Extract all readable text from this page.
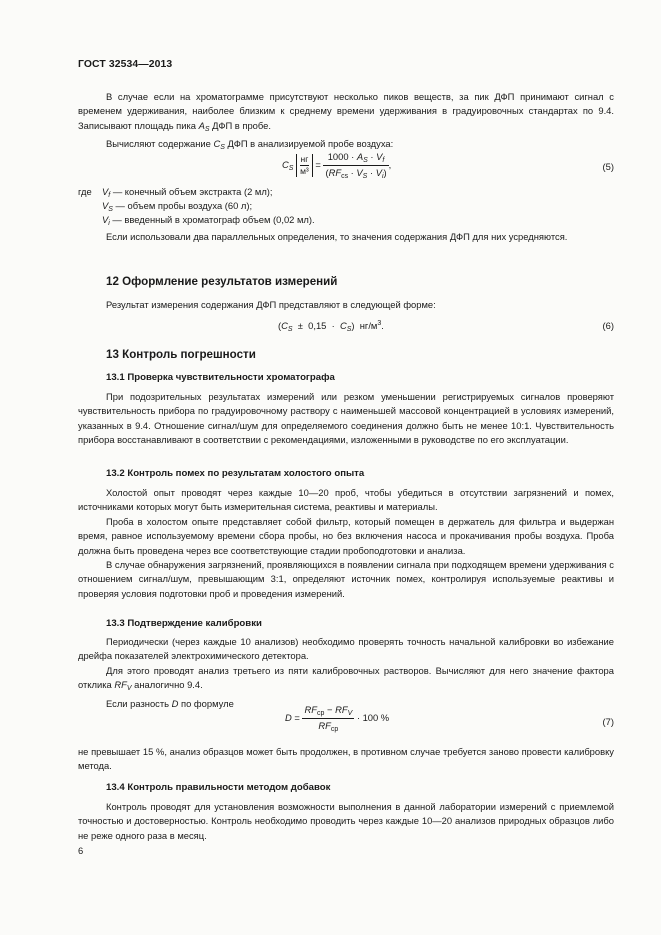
ГОСТ 32534—2013

В случае если на хроматограмме присутствуют несколько пиков веществ, за пик ДФП принимают сигнал с временем удерживания, наиболее близким к среднему времени удерживания в градуировочных стандартах по 9.4. Записывают площадь пика $A_S$ ДФП в пробе.

Вычисляют содержание $C_S$ ДФП в анализируемой пробе воздуха:

$C_S$
нг
$м^3 = \frac{1000 \cdot A_S \cdot V_f}{(RF_{cs} \cdot V_S \cdot V_i)}$ ,	(5)
где $V_f$ — конечный объем экстракта (2 мл);
$V_S$ — объем пробы воздуха (60 л);
$V_i$ — введенный в хроматограф объем (0,02 мл).

Если использовали два параллельных определения, то значения содержания ДФП для них усредняются.

12 Оформление результатов измерений

Результат измерения содержания ДФП представляют в следующей форме:

$(C_S \pm 0,15 \cdot C_S)$  $нг/м^3$.	(6)
13 Контроль погрешности
13.1 Проверка чувствительности хроматографа

При подозрительных результатах измерений или резком уменьшении регистрируемых сигналов проверяют чувствительность прибора по градуировочному раствору с наименьшей массовой концентрацией в условиях измерений, указанных в 9.4. Отношение сигнал/шум для определяемого соединения должно быть не менее 10:1. Чувствительность прибора восстанавливают в соответствии с рекомендациями, изложенными в руководстве по его эксплуатации.

13.2 Контроль помех по результатам холостого опыта

Холостой опыт проводят через каждые 10—20 проб, чтобы убедиться в отсутствии загрязнений и помех, источниками которых могут быть измерительная система, реактивы и материалы.

Проба в холостом опыте представляет собой фильтр, который помещен в держатель для фильтра и выдержан время, равное используемому времени сбора пробы, но без включения насоса и прокачивания пробы воздуха. Проба должна быть проведена через все соответствующие стадии пробоподготовки и анализа.

В случае обнаружения загрязнений, проявляющихся в появлении сигнала при подходящем времени удерживания с отношением сигнал/шум, превышающим 3:1, определяют источник помех, контролируя используемые реактивы и проверяя условия подготовки проб и проведения измерений.

13.3 Подтверждение калибровки

Периодически (через каждые 10 анализов) необходимо проверять точность начальной калибровки во избежание дрейфа показателей электрохимического детектора.

Для этого проводят анализ третьего из пяти калибровочных растворов. Вычисляют для него значение фактора отклика $RF_V$ аналогично 9.4.

Если разность D по формуле

$D = \frac{RF_{ср} - RF_V}{RF_{ср}} \cdot 100$ %	(7)

не превышает 15 %, анализ образцов может быть продолжен, в противном случае требуется заново провести калибровку метода.

13.4 Контроль правильности методом добавок

Контроль проводят для установления возможности выполнения в данной лаборатории измерений с приемлемой точностью и достоверностью. Контроль необходимо проводить через каждые 10—20 анализов природных образцов либо не реже одного раза в месяц.

6
